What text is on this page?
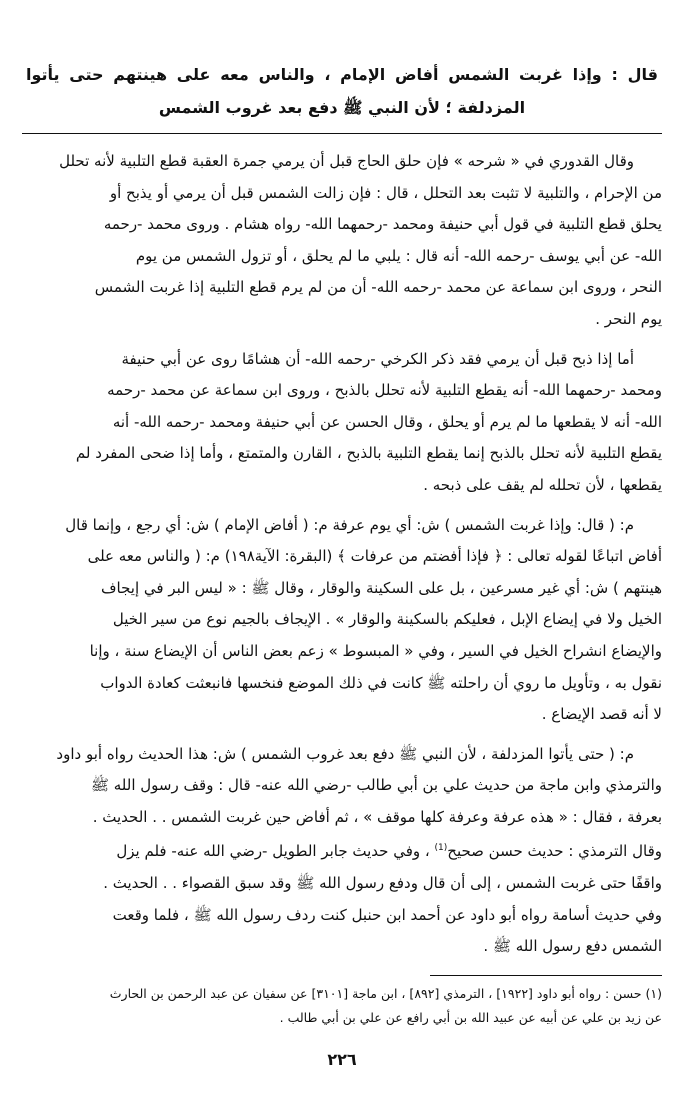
قال : وإذا غربت الشمس أفاض الإمام ، والناس معه على هينتهم حتى يأتوا المزدلفة ؛ لأن النبي ﷺ دفع بعد غروب الشمس

وقال القدوري في « شرحه » فإن حلق الحاج قبل أن يرمي جمرة العقبة قطع التلبية لأنه تحلل

من الإحرام ، والتلبية لا تثبت بعد التحلل ، قال : فإن زالت الشمس قبل أن يرمي أو يذبح أو

يحلق قطع التلبية في قول أبي حنيفة ومحمد -رحمهما الله- رواه هشام . وروى محمد -رحمه

الله- عن أبي يوسف -رحمه الله- أنه قال : يلبي ما لم يحلق ، أو تزول الشمس من يوم

النحر ، وروى ابن سماعة عن محمد -رحمه الله- أن من لم يرم قطع التلبية إذا غربت الشمس

يوم النحر .

أما إذا ذبح قبل أن يرمي فقد ذكر الكرخي -رحمه الله- أن هشامًا روى عن أبي حنيفة

ومحمد -رحمهما الله- أنه يقطع التلبية لأنه تحلل بالذبح ، وروى ابن سماعة عن محمد -رحمه

الله- أنه لا يقطعها ما لم يرم أو يحلق ، وقال الحسن عن أبي حنيفة ومحمد -رحمه الله- أنه

يقطع التلبية لأنه تحلل بالذبح إنما يقطع التلبية بالذبح ، القارن والمتمتع ، وأما إذا ضحى المفرد لم

يقطعها ، لأن تحلله لم يقف على ذبحه .

م: ( قال: وإذا غربت الشمس ) ش: أي يوم عرفة م: ( أفاض الإمام ) ش: أي رجع ، وإنما قال

أفاض اتباعًا لقوله تعالى : ﴿ فإذا أفضتم من عرفات ﴾ (البقرة: الآية١٩٨) م: ( والناس معه على

هينتهم ) ش: أي غير مسرعين ، بل على السكينة والوقار ، وقال ﷺ : « ليس البر في إيجاف

الخيل ولا في إيضاع الإبل ، فعليكم بالسكينة والوقار » . الإيجاف بالجيم نوع من سير الخيل

والإيضاع انشراح الخيل في السير ، وفي « المبسوط » زعم بعض الناس أن الإيضاع سنة ، وإنا

نقول به ، وتأويل ما روي أن راحلته ﷺ كانت في ذلك الموضع فنخسها فانبعثت كعادة الدواب

لا أنه قصد الإيضاع .

م: ( حتى يأتوا المزدلفة ، لأن النبي ﷺ دفع بعد غروب الشمس ) ش: هذا الحديث رواه أبو داود

والترمذي وابن ماجة من حديث علي بن أبي طالب -رضي الله عنه- قال : وقف رسول الله ﷺ

بعرفة ، فقال : « هذه عرفة وعرفة كلها موقف » ، ثم أفاض حين غربت الشمس . . الحديث .

وقال الترمذي : حديث حسن صحيح$^{(1)}$ ، وفي حديث جابر الطويل -رضي الله عنه- فلم يزل

واقفًا حتى غربت الشمس ، إلى أن قال ودفع رسول الله ﷺ وقد سبق القصواء . . الحديث .

وفي حديث أسامة رواه أبو داود عن أحمد ابن حنبل كنت ردف رسول الله ﷺ ، فلما وقعت

الشمس دفع رسول الله ﷺ .

(١) حسن : رواه أبو داود [١٩٢٢] ، الترمذي [٨٩٢] ، ابن ماجة [٣١٠١] عن سفيان عن عبد الرحمن بن الحارث

عن زيد بن علي عن أبيه عن عبيد الله بن أبي رافع عن علي بن أبي طالب .

٢٢٦
